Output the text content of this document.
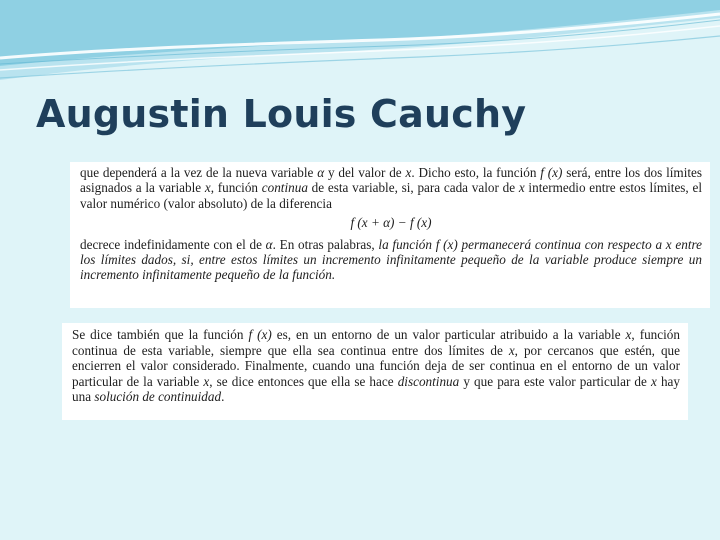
Augustin Louis Cauchy

que dependerá a la vez de la nueva variable α y del valor de x. Dicho esto, la función f (x) será, entre los dos límites asignados a la variable x, función continua de esta variable, si, para cada valor de x intermedio entre estos límites, el valor numérico (valor absoluto) de la diferencia

f (x + α) − f (x)

decrece indefinidamente con el de α. En otras palabras, la función f (x) permanecerá continua con respecto a x entre los límites dados, si, entre estos límites un incremento infinitamente pequeño de la variable produce siempre un incremento infinitamente pequeño de la función.

Se dice también que la función f (x) es, en un entorno de un valor particular atribuido a la variable x, función continua de esta variable, siempre que ella sea continua entre dos límites de x, por cercanos que estén, que encierren el valor considerado. Finalmente, cuando una función deja de ser continua en el entorno de un valor particular de la variable x, se dice entonces que ella se hace discontinua y que para este valor particular de x hay una solución de continuidad.
